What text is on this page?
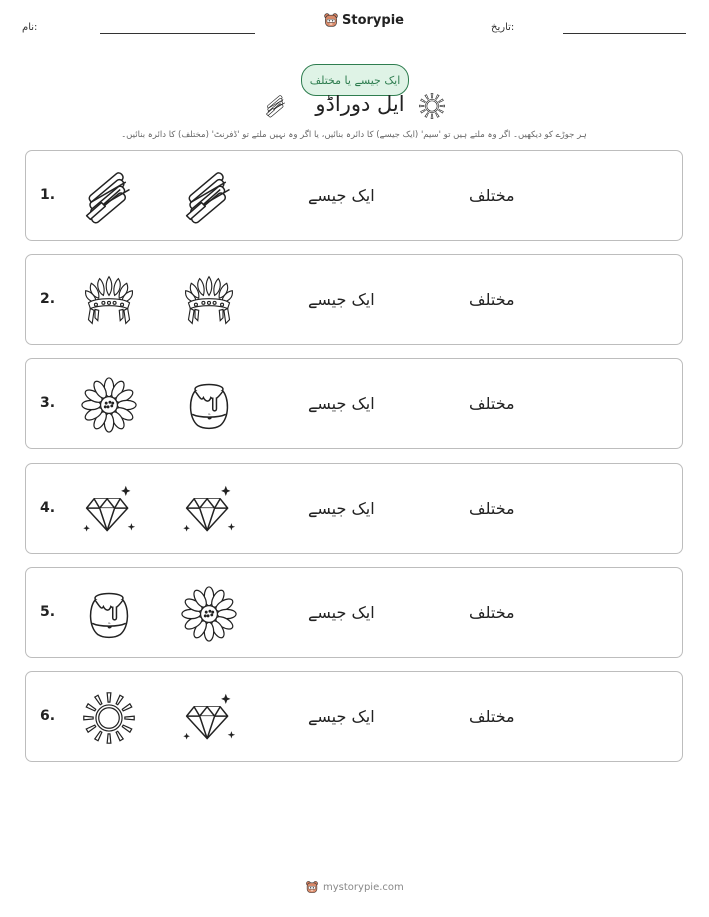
نام:	Storypie	تاریخ:
ایک جیسے یا مختلف
ایل دوراڈو
ہر جوڑے کو دیکھیں۔ اگر وہ ملتے ہیں تو 'سیم' (ایک جیسے) کا دائرہ بنائیں، یا اگر وہ نہیں ملتے تو 'ڈفرنٹ' (مختلف) کا دائرہ بنائیں۔
1.	ایک جیسے	مختلف
2.	ایک جیسے	مختلف
3.	ایک جیسے	مختلف
4.	ایک جیسے	مختلف
5.	ایک جیسے	مختلف
6.	ایک جیسے	مختلف
mystorypie.com
